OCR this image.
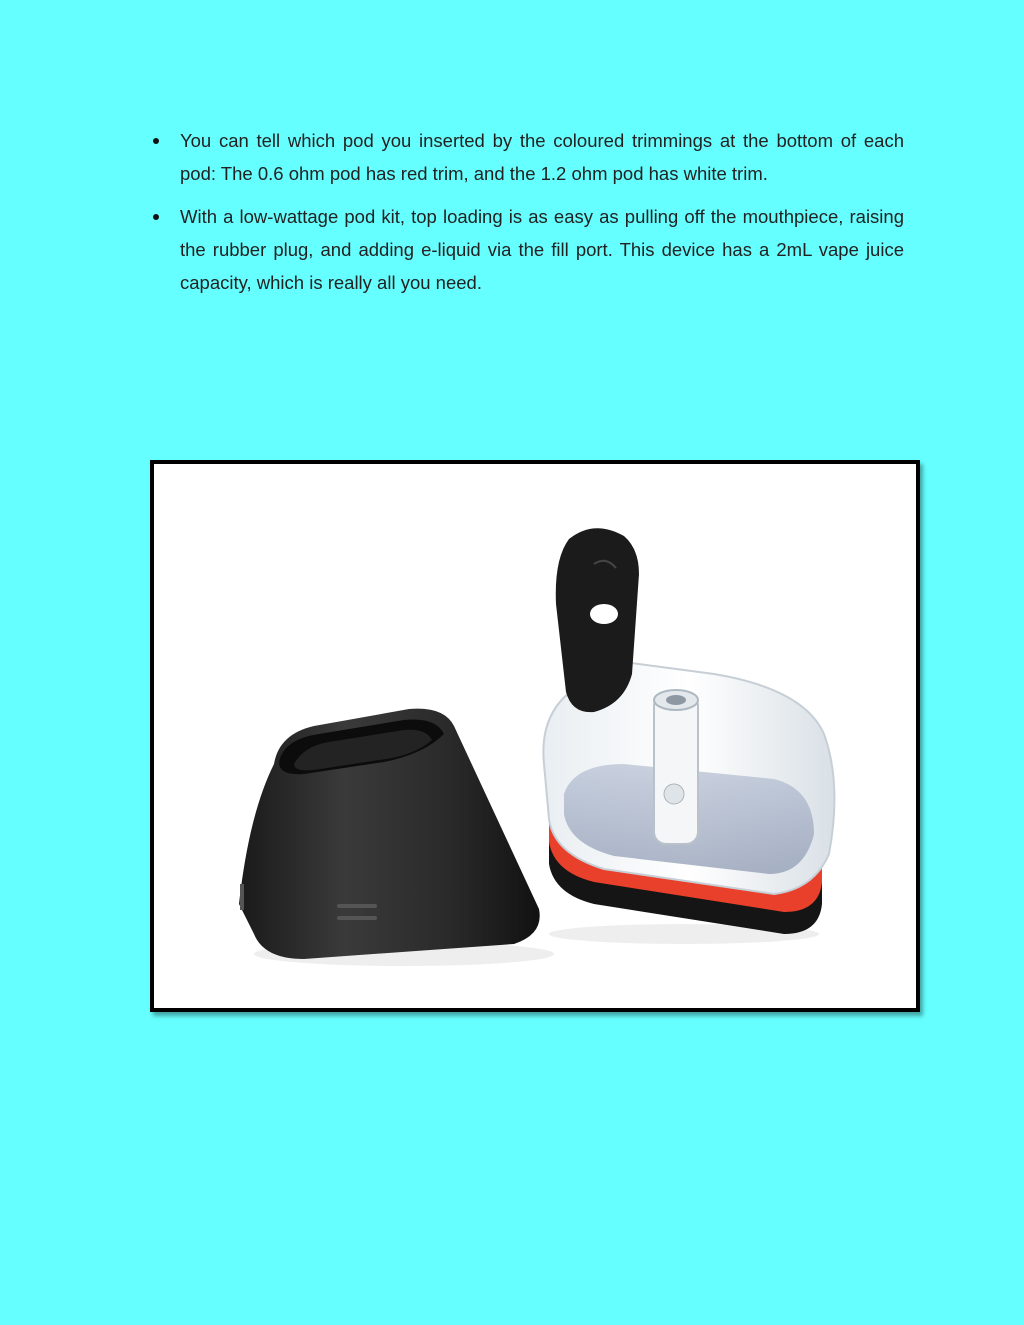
You can tell which pod you inserted by the coloured trimmings at the bottom of each pod: The 0.6 ohm pod has red trim, and the 1.2 ohm pod has white trim.
With a low-wattage pod kit, top loading is as easy as pulling off the mouthpiece, raising the rubber plug, and adding e-liquid via the fill port. This device has a 2mL vape juice capacity, which is really all you need.
